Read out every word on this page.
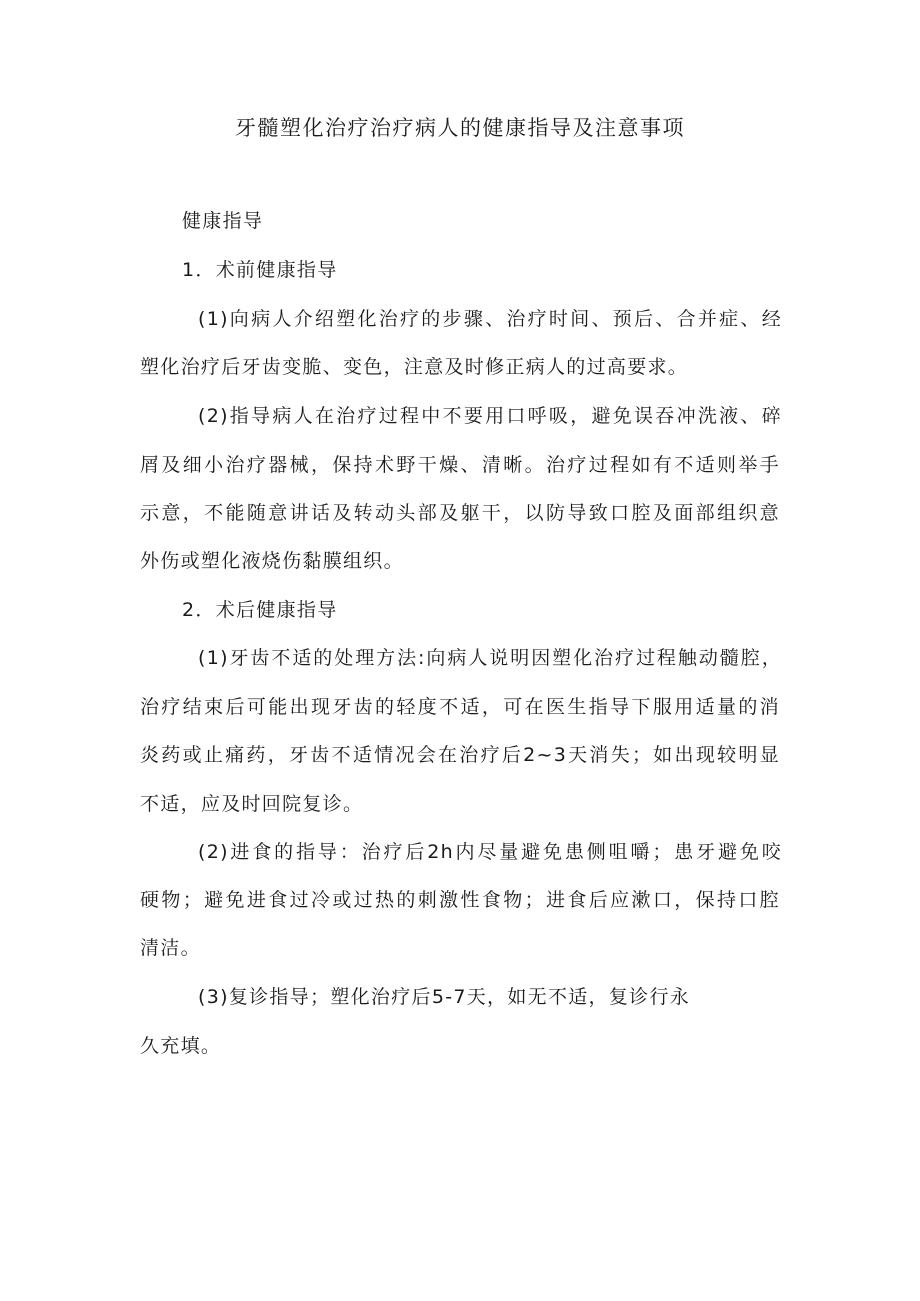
牙髓塑化治疗治疗病人的健康指导及注意事项
健康指导
1．术前健康指导
(1)向病人介绍塑化治疗的步骤、治疗时间、预后、合并症、经
塑化治疗后牙齿变脆、变色，注意及时修正病人的过高要求。
(2)指导病人在治疗过程中不要用口呼吸，避免误吞冲洗液、碎
屑及细小治疗器械，保持术野干燥、清晰。治疗过程如有不适则举手
示意，不能随意讲话及转动头部及躯干，以防导致口腔及面部组织意
外伤或塑化液烧伤黏膜组织。
2．术后健康指导
(1)牙齿不适的处理方法:向病人说明因塑化治疗过程触动髓腔，
治疗结束后可能出现牙齿的轻度不适，可在医生指导下服用适量的消
炎药或止痛药，牙齿不适情况会在治疗后2~3天消失；如出现较明显
不适，应及时回院复诊。
(2)进食的指导：治疗后2h内尽量避免患侧咀嚼；患牙避免咬
硬物；避免进食过冷或过热的刺激性食物；进食后应漱口，保持口腔
清洁。
(3)复诊指导；塑化治疗后5-7天，如无不适，复诊行永
久充填。
